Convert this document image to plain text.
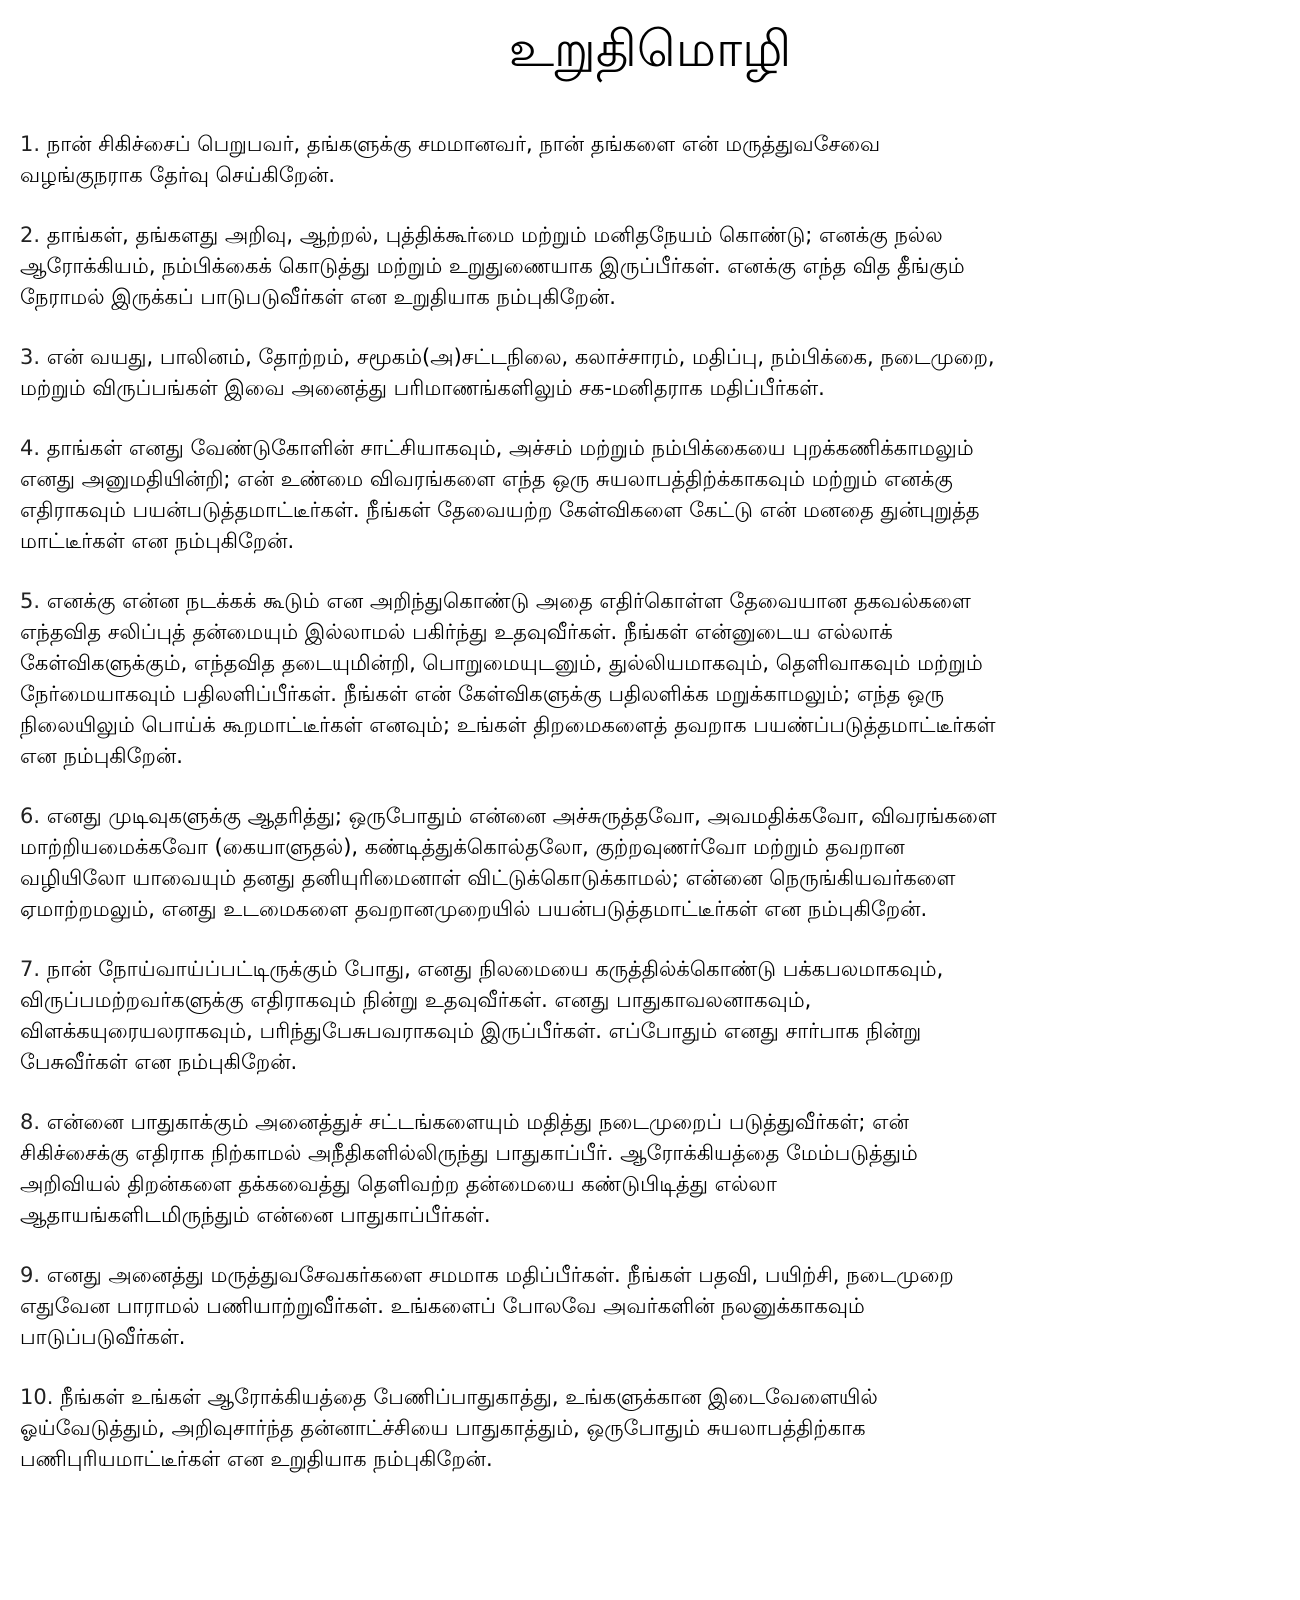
உறுதிமொழி
1. நான் சிகிச்சைப் பெறுபவர், தங்களுக்கு சமமானவர், நான் தங்களை என் மருத்துவசேவை
வழங்குநராக தேர்வு செய்கிறேன்.
2. தாங்கள், தங்களது அறிவு, ஆற்றல், புத்திக்கூர்மை மற்றும் மனிதநேயம் கொண்டு; எனக்கு நல்ல
ஆரோக்கியம், நம்பிக்கைக் கொடுத்து மற்றும் உறுதுணையாக இருப்பீர்கள். எனக்கு எந்த வித தீங்கும்
நேராமல் இருக்கப் பாடுபடுவீர்கள் என உறுதியாக நம்புகிறேன்.
3. என் வயது, பாலினம், தோற்றம், சமூகம்(அ)சட்டநிலை, கலாச்சாரம், மதிப்பு, நம்பிக்கை, நடைமுறை,
மற்றும் விருப்பங்கள் இவை அனைத்து பரிமாணங்களிலும் சக-மனிதராக மதிப்பீர்கள்.
4. தாங்கள் எனது வேண்டுகோளின் சாட்சியாகவும், அச்சம் மற்றும் நம்பிக்கையை புறக்கணிக்காமலும்
எனது அனுமதியின்றி; என் உண்மை விவரங்களை எந்த ஒரு சுயலாபத்திற்க்காகவும் மற்றும் எனக்கு
எதிராகவும் பயன்படுத்தமாட்டீர்கள். நீங்கள் தேவையற்ற கேள்விகளை கேட்டு என் மனதை துன்புறுத்த
மாட்டீர்கள் என நம்புகிறேன்.
5. எனக்கு என்ன நடக்கக் கூடும் என அறிந்துகொண்டு அதை எதிர்கொள்ள தேவையான தகவல்களை
எந்தவித சலிப்புத் தன்மையும் இல்லாமல் பகிர்ந்து உதவுவீர்கள். நீங்கள் என்னுடைய எல்லாக்
கேள்விகளுக்கும், எந்தவித தடையுமின்றி, பொறுமையுடனும், துல்லியமாகவும், தெளிவாகவும் மற்றும்
நேர்மையாகவும் பதிலளிப்பீர்கள். நீங்கள் என் கேள்விகளுக்கு பதிலளிக்க மறுக்காமலும்; எந்த ஒரு
நிலையிலும் பொய்க் கூறமாட்டீர்கள் எனவும்; உங்கள் திறமைகளைத் தவறாக பயண்ப்படுத்தமாட்டீர்கள்
என நம்புகிறேன்.
6. எனது முடிவுகளுக்கு ஆதரித்து; ஒருபோதும் என்னை அச்சுருத்தவோ, அவமதிக்கவோ, விவரங்களை
மாற்றியமைக்கவோ (கையாளுதல்), கண்டித்துக்கொல்தலோ, குற்றவுணர்வோ மற்றும் தவறான
வழியிலோ யாவையும் தனது தனியுரிமைனாள் விட்டுக்கொடுக்காமல்; என்னை நெருங்கியவர்களை
ஏமாற்றமலும், எனது உடமைகளை தவறானமுறையில் பயன்படுத்தமாட்டீர்கள் என நம்புகிறேன்.
7. நான் நோய்வாய்ப்பட்டிருக்கும் போது, எனது நிலமையை கருத்தில்க்கொண்டு பக்கபலமாகவும்,
விருப்பமற்றவர்களுக்கு எதிராகவும் நின்று உதவுவீர்கள். எனது பாதுகாவலனாகவும்,
விளக்கயுரையலராகவும், பரிந்துபேசுபவராகவும் இருப்பீர்கள். எப்போதும் எனது சார்பாக நின்று
பேசுவீர்கள் என நம்புகிறேன்.
8. என்னை பாதுகாக்கும் அனைத்துச் சட்டங்களையும் மதித்து நடைமுறைப் படுத்துவீர்கள்; என்
சிகிச்சைக்கு எதிராக நிற்காமல் அநீதிகளில்லிருந்து பாதுகாப்பீர். ஆரோக்கியத்தை மேம்படுத்தும்
அறிவியல் திறன்களை தக்கவைத்து தெளிவற்ற தன்மையை கண்டுபிடித்து எல்லா
ஆதாயங்களிடமிருந்தும் என்னை பாதுகாப்பீர்கள்.
9. எனது அனைத்து மருத்துவசேவகர்களை சமமாக மதிப்பீர்கள். நீங்கள் பதவி, பயிற்சி, நடைமுறை
எதுவேன பாராமல் பணியாற்றுவீர்கள். உங்களைப் போலவே அவர்களின் நலனுக்காகவும்
பாடுப்படுவீர்கள்.
10. நீங்கள் உங்கள் ஆரோக்கியத்தை பேணிப்பாதுகாத்து, உங்களுக்கான இடைவேளையில்
ஓய்வேடுத்தும், அறிவுசார்ந்த தன்னாட்ச்சியை பாதுகாத்தும், ஒருபோதும் சுயலாபத்திற்காக
பணிபுரியமாட்டீர்கள் என உறுதியாக நம்புகிறேன்.
